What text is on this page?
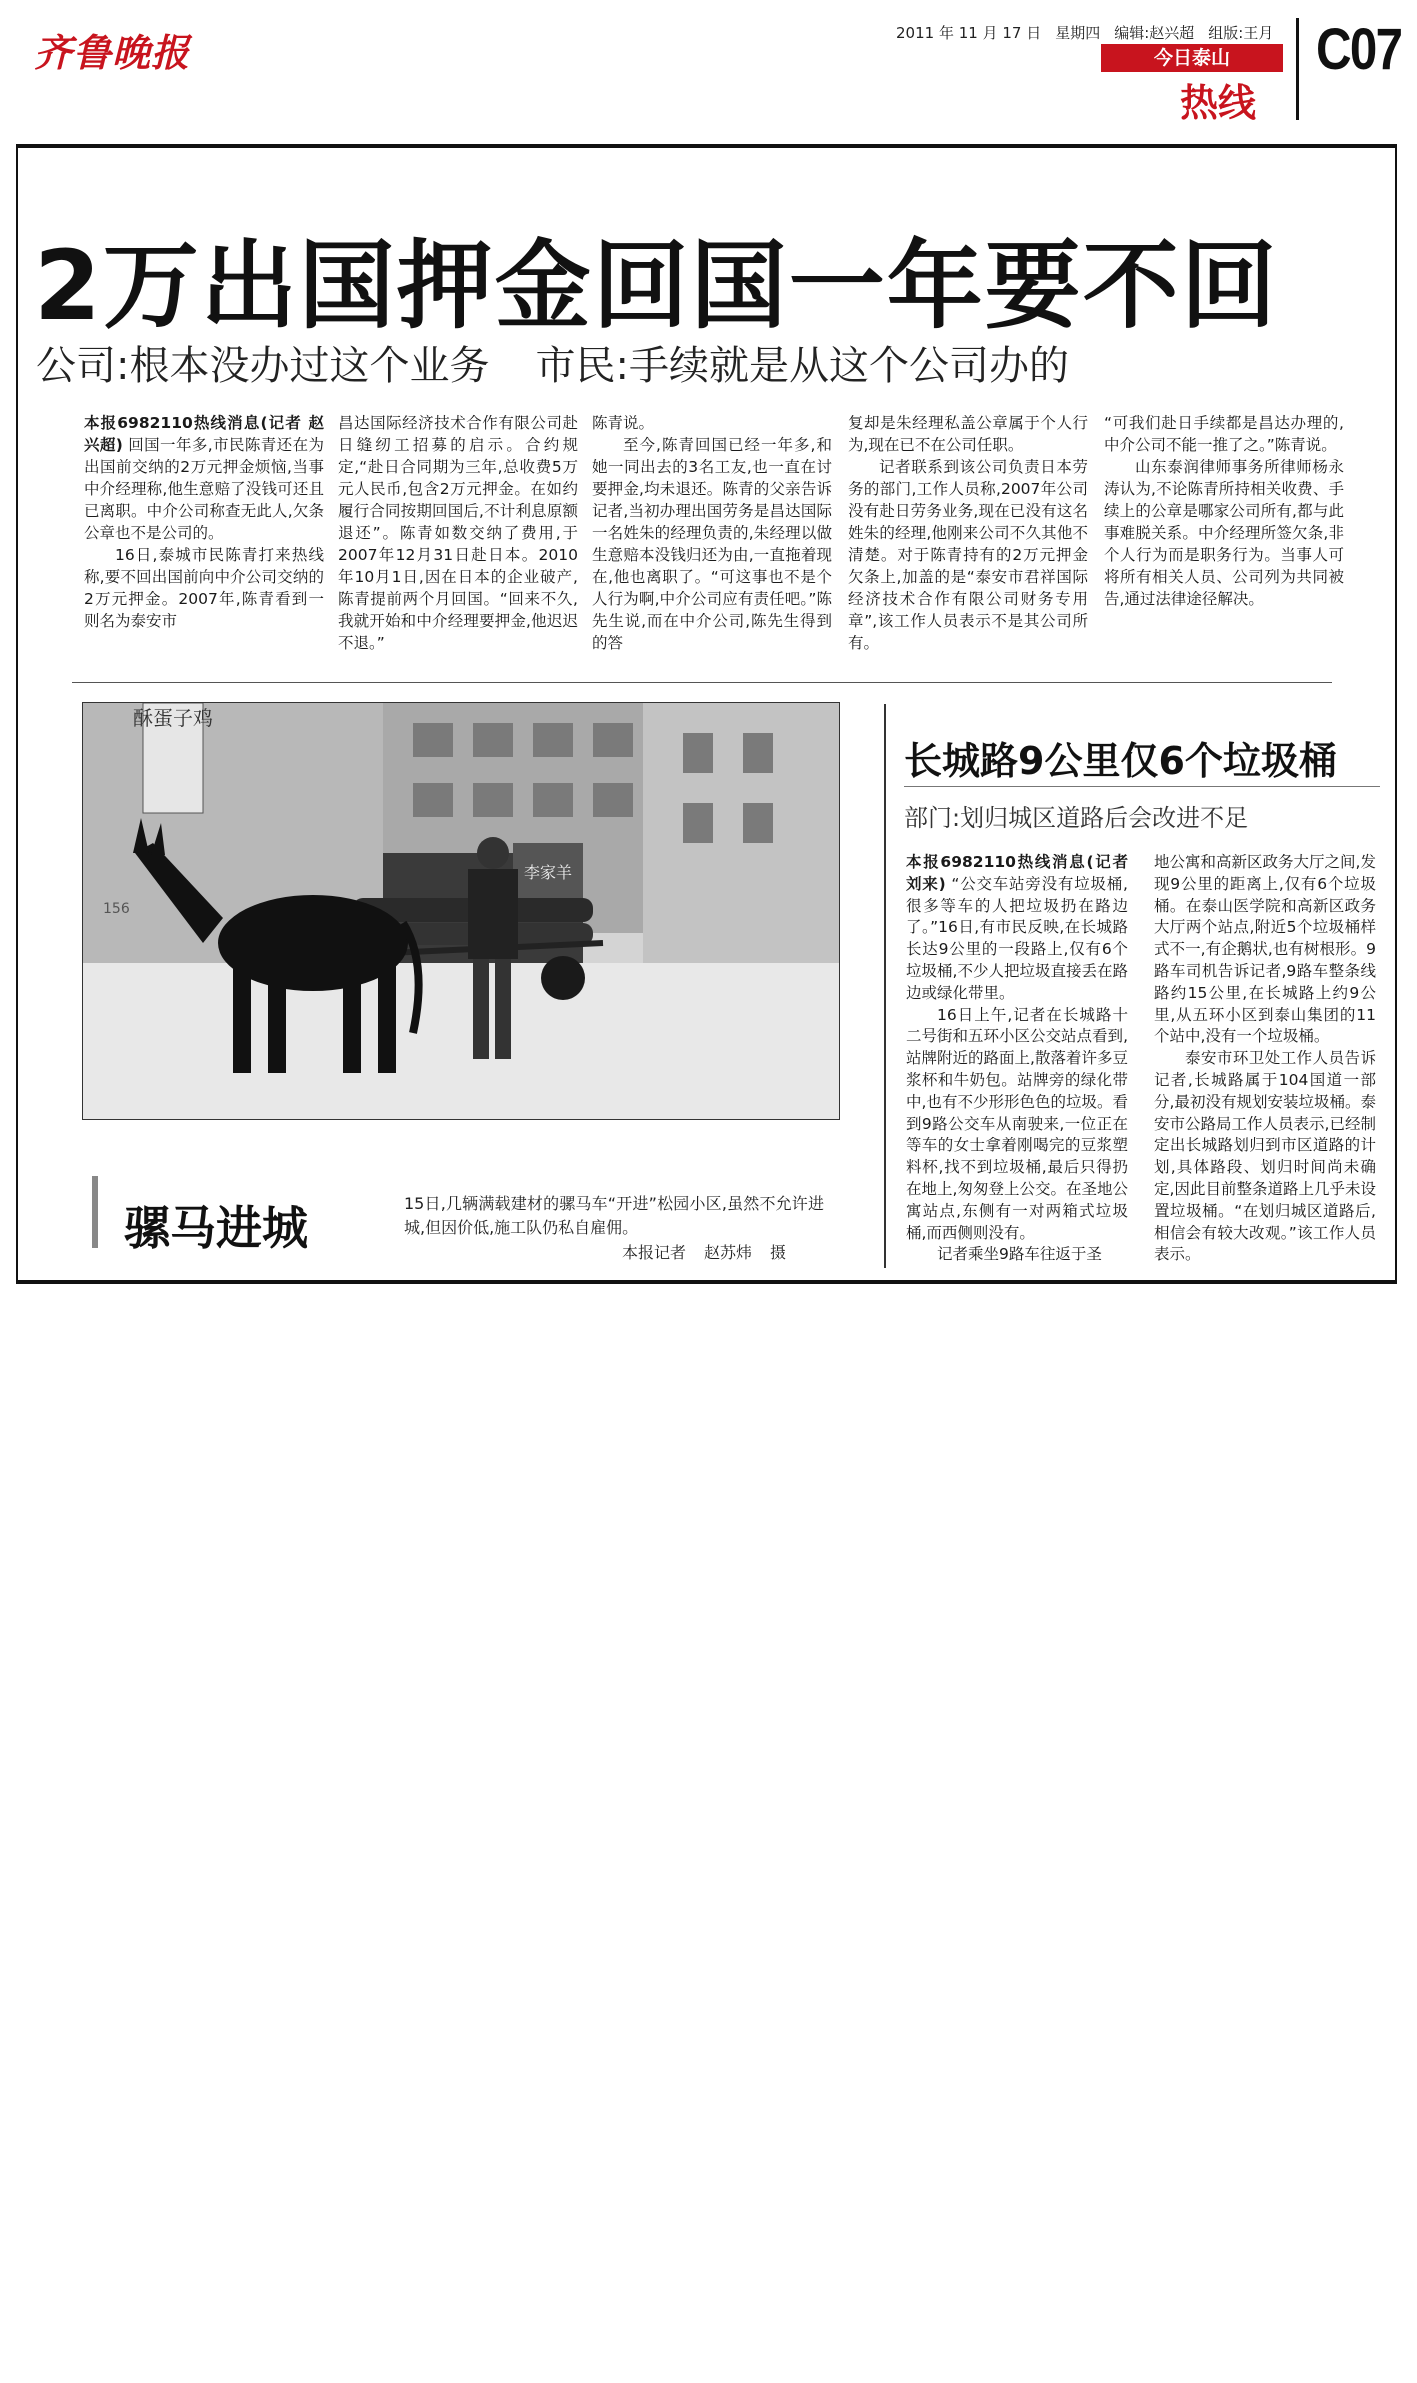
齐鲁晚报	2011 年 11 月 17 日 星期四 编辑:赵兴超 组版:王月
今日泰山
热线
C07
2万出国押金回国一年要不回
公司:根本没办过这个业务 市民:手续就是从这个公司办的

本报6982110热线消息(记者 赵兴超) 回国一年多,市民陈青还在为出国前交纳的2万元押金烦恼,当事中介经理称,他生意赔了没钱可还且已离职。中介公司称查无此人,欠条公章也不是公司的。

16日,泰城市民陈青打来热线称,要不回出国前向中介公司交纳的2万元押金。2007年,陈青看到一则名为泰安市

昌达国际经济技术合作有限公司赴日缝纫工招募的启示。合约规定,“赴日合同期为三年,总收费5万元人民币,包含2万元押金。在如约履行合同按期回国后,不计利息原额退还”。陈青如数交纳了费用,于2007年12月31日赴日本。2010年10月1日,因在日本的企业破产,陈青提前两个月回国。“回来不久,我就开始和中介经理要押金,他迟迟不退。”

陈青说。

至今,陈青回国已经一年多,和她一同出去的3名工友,也一直在讨要押金,均未退还。陈青的父亲告诉记者,当初办理出国劳务是昌达国际一名姓朱的经理负责的,朱经理以做生意赔本没钱归还为由,一直拖着现在,他也离职了。“可这事也不是个人行为啊,中介公司应有责任吧。”陈先生说,而在中介公司,陈先生得到的答

复却是朱经理私盖公章属于个人行为,现在已不在公司任职。

记者联系到该公司负责日本劳务的部门,工作人员称,2007年公司没有赴日劳务业务,现在已没有这名姓朱的经理,他刚来公司不久其他不清楚。对于陈青持有的2万元押金欠条上,加盖的是“泰安市君祥国际经济技术合作有限公司财务专用章”,该工作人员表示不是其公司所有。

“可我们赴日手续都是昌达办理的,中介公司不能一推了之。”陈青说。

山东泰润律师事务所律师杨永涛认为,不论陈青所持相关收费、手续上的公章是哪家公司所有,都与此事难脱关系。中介经理所签欠条,非个人行为而是职务行为。当事人可将所有相关人员、公司列为共同被告,通过法律途径解决。

酥蛋子鸡
李家羊
156
骡马进城	15日,几辆满载建材的骡马车“开进”松园小区,虽然不允许进城,但因价低,施工队仍私自雇佣。
本报记者 赵苏炜 摄
长城路9公里仅6个垃圾桶
部门:划归城区道路后会改进不足

本报6982110热线消息(记者 刘来) “公交车站旁没有垃圾桶,很多等车的人把垃圾扔在路边了。”16日,有市民反映,在长城路长达9公里的一段路上,仅有6个垃圾桶,不少人把垃圾直接丢在路边或绿化带里。

16日上午,记者在长城路十二号街和五环小区公交站点看到,站牌附近的路面上,散落着许多豆浆杯和牛奶包。站牌旁的绿化带中,也有不少形形色色的垃圾。看到9路公交车从南驶来,一位正在等车的女士拿着刚喝完的豆浆塑料杯,找不到垃圾桶,最后只得扔在地上,匆匆登上公交。在圣地公寓站点,东侧有一对两箱式垃圾桶,而西侧则没有。

记者乘坐9路车往返于圣

地公寓和高新区政务大厅之间,发现9公里的距离上,仅有6个垃圾桶。在泰山医学院和高新区政务大厅两个站点,附近5个垃圾桶样式不一,有企鹅状,也有树根形。9路车司机告诉记者,9路车整条线路约15公里,在长城路上约9公里,从五环小区到泰山集团的11个站中,没有一个垃圾桶。

泰安市环卫处工作人员告诉记者,长城路属于104国道一部分,最初没有规划安装垃圾桶。泰安市公路局工作人员表示,已经制定出长城路划归到市区道路的计划,具体路段、划归时间尚未确定,因此目前整条道路上几乎未设置垃圾桶。“在划归城区道路后,相信会有较大改观。”该工作人员表示。
